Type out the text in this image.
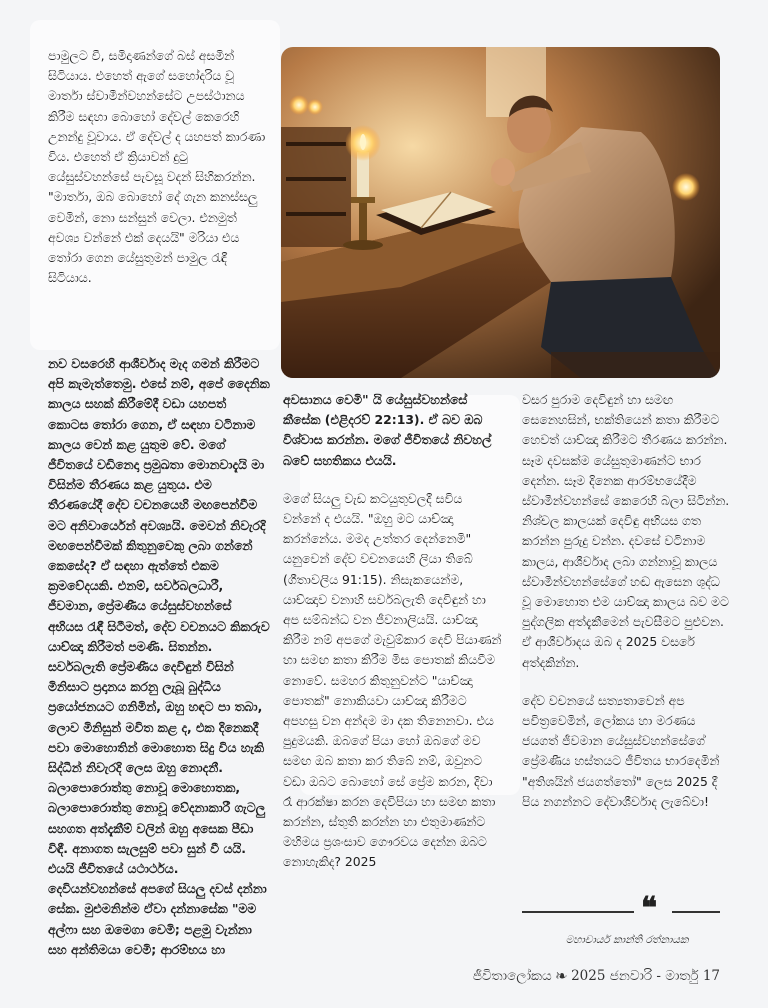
පාමුලට වී, සමිදාණන්ගේ බස් අසමින් සිටියාය. එහෙත් ඇගේ සහෝදරිය වූ මාර්තා ස්වාමීන්වහන්සේට උපස්ථානය කිරීම සඳහා බොහෝ දේවල් කෙරෙහි උනන්දු වූවාය. ඒ දේවල් ද යහපත් කාරණා විය. එහෙත් ඒ ක්‍රියාවන් දුටු යේසුස්වහන්සේ පැවසූ වදන් සිහිකරන්න. "මාර්තා, ඔබ බොහෝ දේ ගැන කනස්සලු වෙමින්, නො සන්සුන් වෙලා. එනමුත් අවශ්‍ය වන්නේ එක් දෙයයි" මරියා එය තෝරා ගෙන යේසුතුමන් පාමුල රැඳී සිටියාය.

නව වසරෙහි ආශීර්වාද මැද ගමන් කිරීමට අපි කැමැත්තෙමු. එසේ නම්, අපේ දෛනික කාලය සහක් කිරීමේදී වඩා යහපත් කොටස තෝරා ගෙන, ඒ සඳහා වටිනාම කාලය වෙන් කළ යුතුම වේ. මගේ ජීවිතයේ වඩිනෙදා ප්‍රමුඛතා මොනවාදැයි මා විසින්ම තීරණය කළ යුතුය. එම තීරණයේදී දේව වචනයෙහි මඟපෙන්වීම මට අනිවාර්යෙන් අවශ්‍යයි. මෙවන් නිවැරදි මඟපෙන්වීමක් කිතුනුවෙකු ලබා ගන්නේ කෙසේද? ඒ සඳහා ඇත්තේ එකම ක්‍රමවේදයකි. එනම්, සර්වබලධාරී, ජීවමාන, ප්‍රේමණීය යේසුස්වහන්සේ අභියස රැඳී සිටීමත්, දේව වචනයට කිකරුව යාච්ඤා කිරීමත් පමණි. සිතන්න. සර්වබලැති ප්‍රේමණීය දෙවිඳුන් විසින් මිනිසාට ප්‍රදානය කරනු ලැබූ බුද්ධිය ප්‍රයෝජනයට ගනිමින්, ඔහු හඳට පා තබා, ලොව මිනිසුන් මවිත කළ ද, එක දිනෙකදී පවා මොහොතින් මොහොත සිදු විය හැකි සිද්ධීන් නිවැරදි ලෙස ඔහු නොදනී. බලාපොරොත්තු නොවූ මොහොතක, බලාපොරොත්තු නොවූ වේදනාකාරී ගැටලු සහගත අත්දැකීම් වලින් ඔහු අසෙක පීඩා විඳී. අනාගත සැලසුම් පවා සුන් වී යයි. එයයි ජීවිතයේ යථාර්ථය. දෙවියන්වහන්සේ අපගේ සියලු දවස් දන්නා සේක. මුළුමනින්ම ඒවා දන්නාසේක "මම අල්ෆා සහ ඔමෙගා වෙමි; පළමු වැන්නා සහ අන්තිමයා වෙමි; ආරම්භය හා

අවසානය වෙමි" යි යේසුස්වහන්සේ කීසේක (එළිදරව් 22:13). ඒ බව ඔබ විශ්වාස කරන්න. මගේ ජීවිතයේ නිවහල් බවේ සහතිකය එයයි.

මගේ සියලු වැඩ කටයුතුවලදී සවිය වන්නේ ද එයයි. "ඔහු මට යාච්ඤා කරන්නේය. මමද උත්තර දෙන්නෙමි" යනුවෙන් දේව වචනයෙහි ලියා තිබේ (ගීතාවලිය 91:15). නිසැකයෙන්ම, යාච්ඤාව වනාහි සර්වබලැති දෙවිඳුන් හා අප සම්බන්ධ වන ජීවනාලියයි. යාච්ඤා කිරීම නම් අපගේ මැවුම්කාර දෙවි පියාණන් හා සමඟ කතා කිරීම මිස පොතක් කියවීම නොවේ. සමහර කිතුනුවන්ට "යාච්ඤා පොතක්" නොකියවා යාච්ඤා කිරීමට අපහසු වන අන්දම මා දක තිනෙනවා. එය පුදුමයකි. ඔබගේ පියා හෝ ඔබගේ මව සමඟ ඔබ කතා කර තිබේ නම්, ඔවුනට වඩා ඔබට බොහෝ සේ ප්‍රේම කරන, දිවා රෑ ආරක්ෂා කරන දෙවිපියා හා සමඟ කතා කරන්න, ස්තුති කරන්න හා එතුමාණන්ට මහිමය ප්‍රශංසාව ගෞරවය දෙන්න ඔබට නොහැකිද? 2025

වසර පුරාම දෙවිඳුන් හා සමඟ සෙනෙහසින්, භක්තියෙන් කතා කිරීමට හෙවත් යාච්ඤා කිරීමට තීරණය කරන්න. සෑම දවසක්ම යේසුතුමාණන්ට භාර දෙන්න. සෑම දිනෙක ආරම්භයේදීම ස්වාමීන්වහන්සේ කෙරෙහි බලා සිටින්න. නිශ්චල කාලයක් දෙවිඳු අභියස ගත කරන්න පුරුදු වන්න. දවසේ වටිනාම කාලය, ආශීර්වාද ලබා ගන්නාවූ කාලය ස්වාමීන්වහන්සේගේ හඬ ඇසෙන ශුද්ධ වූ මොහොත එම යාච්ඤා කාලය බව මට පුද්ගලික අත්දැකීමෙන් පැවසීමට පුළුවන. ඒ ආශීර්වාදය ඔබ ද 2025 වසරේ අත්දකින්න.

දේව වචනයේ සත්‍යතාවෙන් අප පවිත්‍රවෙමින්, ලෝකය හා මරණය ජයගත් ජීවමාන යේසුස්වහන්සේගේ ප්‍රේමණීය හස්තයට ජීවිතය භාරදෙමින් "අතිශයින් ජයගත්තෝ" ලෙස 2025 දී පිය නගන්නට දේවාශීර්වාද ලැබේවා!

❝
මහාචාර්ය කාන්ති රත්නායක
ජීවිතාලෝකය ❧ 2025 ජනවාරි - මාර්තු 17
